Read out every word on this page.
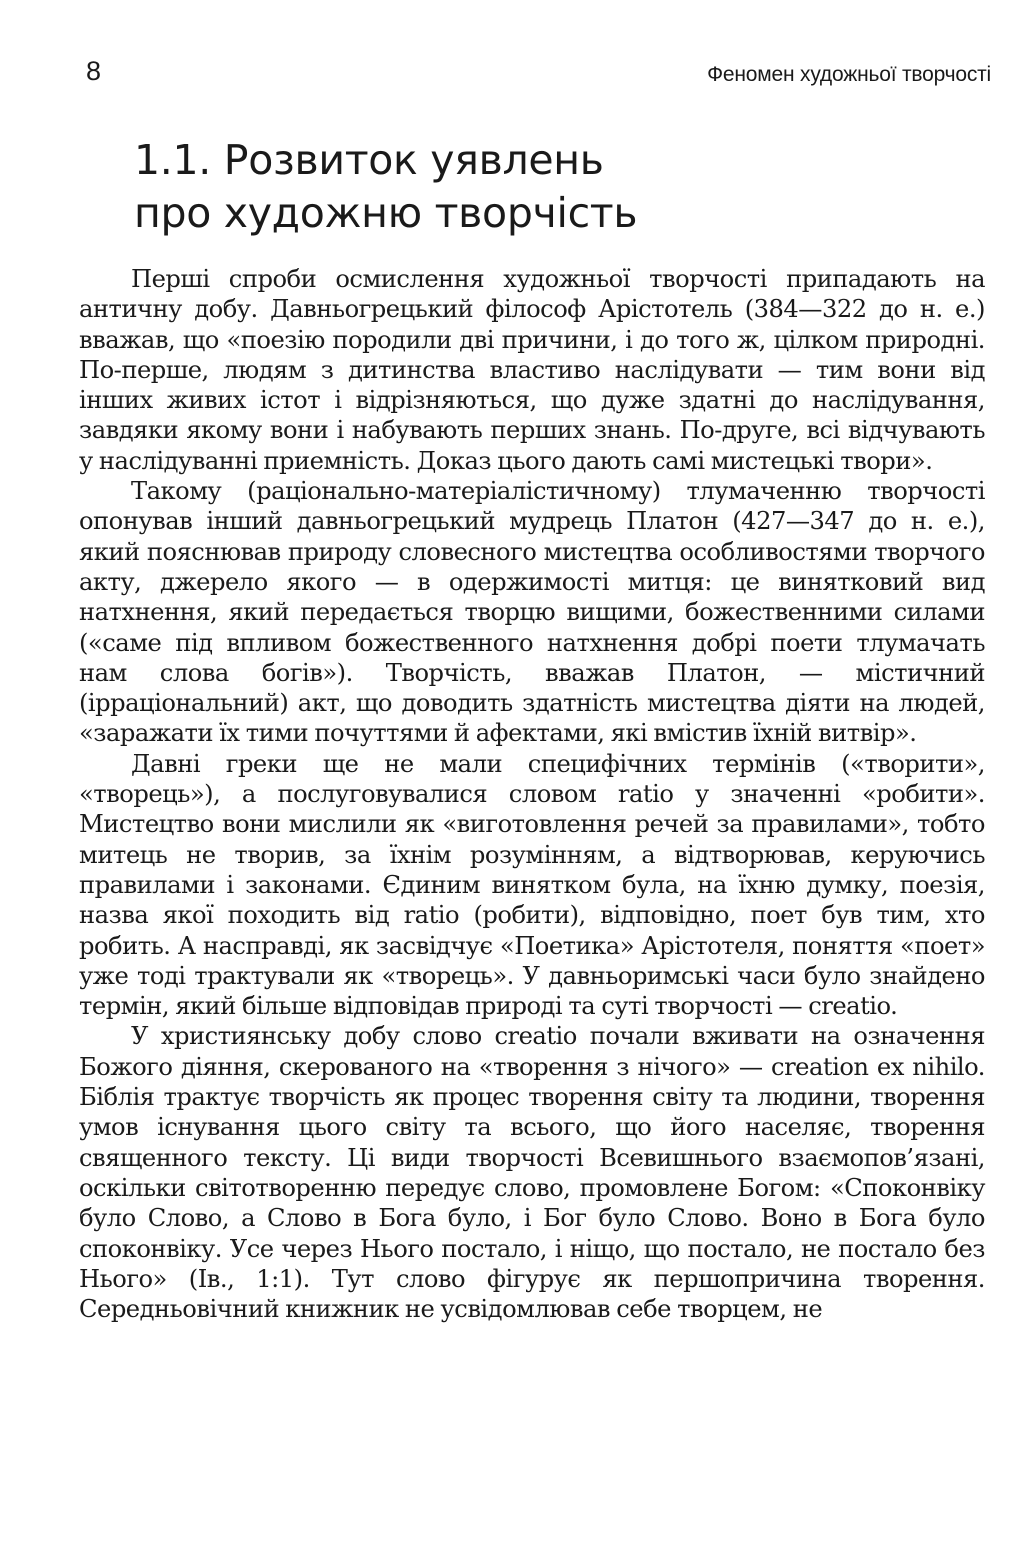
8	Феномен художньої творчості
1.1. Розвиток уявлень
про художню творчість

Перші спроби осмислення художньої творчості припадають на античну добу. Давньогрецький філософ Арістотель (384—322 до н. е.) вважав, що «поезію породили дві причини, і до того ж, цілком природні. По-перше, людям з дитинства властиво наслідувати — тим вони від інших живих істот і відрізняються, що дуже здатні до наслідування, завдяки якому вони і набувають перших знань. По-друге, всі відчувають у наслідуванні приемність. Доказ цього дають самі мистецькі твори».

Такому (раціонально-матеріалістичному) тлумаченню творчості опонував інший давньогрецький мудрець Платон (427—347 до н. е.), який пояснював природу словесного мистецтва особливостями творчого акту, джерело якого — в одержимості митця: це винятковий вид натхнення, який передається творцю вищими, божественними силами («саме під впливом божественного натхнення добрі поети тлумачать нам слова богів»). Творчість, вважав Платон, — містичний (ірраціональний) акт, що доводить здатність мистецтва діяти на людей, «заражати їх тими почуттями й афектами, які вмістив їхній витвір».

Давні греки ще не мали специфічних термінів («творити», «творець»), а послуговувалися словом ratio у значенні «робити». Мистецтво вони мислили як «виготовлення речей за правилами», тобто митець не творив, за їхнім розумінням, а відтворював, керуючись правилами і законами. Єдиним винятком була, на їхню думку, поезія, назва якої походить від ratio (робити), відповідно, поет був тим, хто робить. А насправді, як засвідчує «Поетика» Арістотеля, поняття «поет» уже тоді трактували як «творець». У давньоримські часи було знайдено термін, який більше відповідав природі та суті творчості — creatio.

У християнську добу слово creatio почали вживати на означення Божого діяння, скерованого на «творення з нічого» — creation ex nihilo. Біблія трактує творчість як процес творення світу та людини, творення умов існування цього світу та всього, що його населяє, творення священного тексту. Ці види творчості Всевишнього взаємопов’язані, оскільки світотворенню передує слово, промовлене Богом: «Споконвіку було Слово, а Слово в Бога було, і Бог було Слово. Воно в Бога було споконвіку. Усе через Нього постало, і ніщо, що постало, не постало без Нього» (Ів., 1:1). Тут слово фігурує як першопричина творення. Середньовічний книжник не усвідомлював себе творцем, не
